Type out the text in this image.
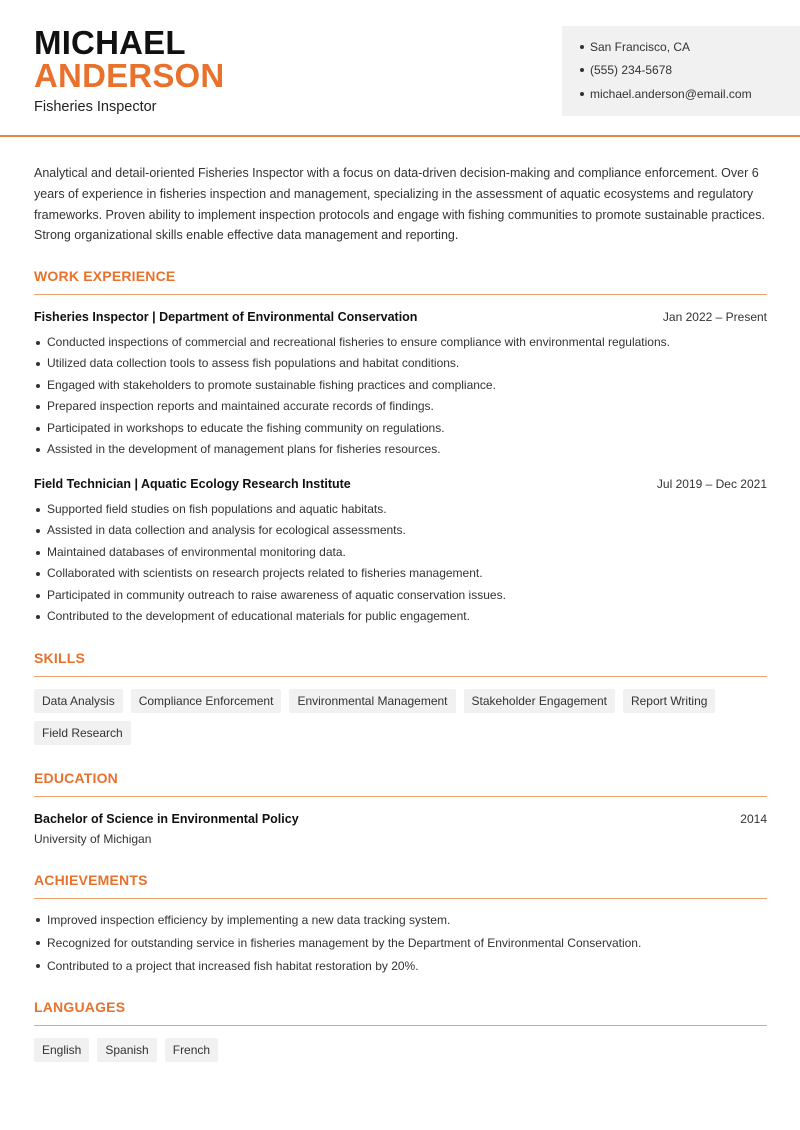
MICHAEL
ANDERSON
Fisheries Inspector
San Francisco, CA
(555) 234-5678
michael.anderson@email.com
Analytical and detail-oriented Fisheries Inspector with a focus on data-driven decision-making and compliance enforcement. Over 6 years of experience in fisheries inspection and management, specializing in the assessment of aquatic ecosystems and regulatory frameworks. Proven ability to implement inspection protocols and engage with fishing communities to promote sustainable practices. Strong organizational skills enable effective data management and reporting.
WORK EXPERIENCE
Fisheries Inspector | Department of Environmental Conservation	Jan 2022 – Present
Conducted inspections of commercial and recreational fisheries to ensure compliance with environmental regulations.
Utilized data collection tools to assess fish populations and habitat conditions.
Engaged with stakeholders to promote sustainable fishing practices and compliance.
Prepared inspection reports and maintained accurate records of findings.
Participated in workshops to educate the fishing community on regulations.
Assisted in the development of management plans for fisheries resources.
Field Technician | Aquatic Ecology Research Institute	Jul 2019 – Dec 2021
Supported field studies on fish populations and aquatic habitats.
Assisted in data collection and analysis for ecological assessments.
Maintained databases of environmental monitoring data.
Collaborated with scientists on research projects related to fisheries management.
Participated in community outreach to raise awareness of aquatic conservation issues.
Contributed to the development of educational materials for public engagement.
SKILLS
Data Analysis	Compliance Enforcement	Environmental Management	Stakeholder Engagement	Report Writing
Field Research
EDUCATION
Bachelor of Science in Environmental Policy	2014
University of Michigan
ACHIEVEMENTS
Improved inspection efficiency by implementing a new data tracking system.
Recognized for outstanding service in fisheries management by the Department of Environmental Conservation.
Contributed to a project that increased fish habitat restoration by 20%.
LANGUAGES
English	Spanish	French
